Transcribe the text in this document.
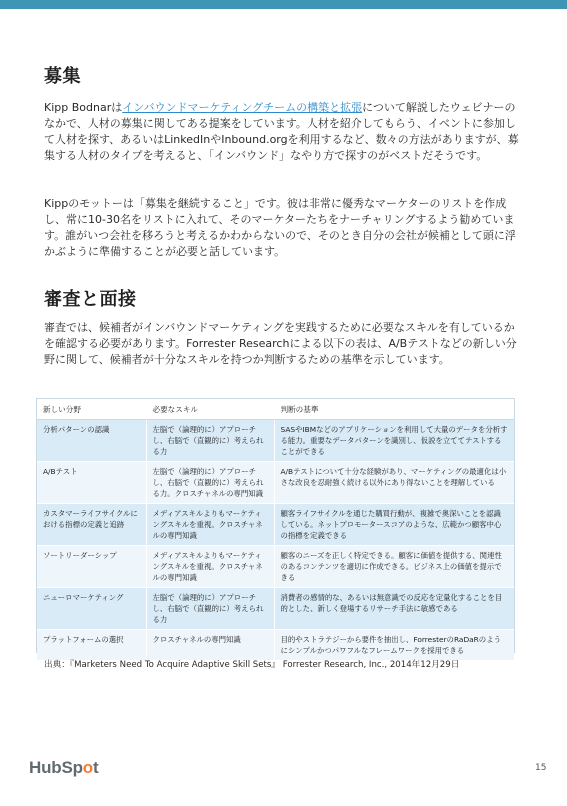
募集

Kipp Bodnarはインバウンドマーケティングチームの構築と拡張について解説したウェビナーのなかで、人材の募集に関してある提案をしています。人材を紹介してもらう、イベントに参加して人材を探す、あるいはLinkedInやInbound.orgを利用するなど、数々の方法がありますが、募集する人材のタイプを考えると、「インバウンド」なやり方で探すのがベストだそうです。

Kippのモットーは「募集を継続すること」です。彼は非常に優秀なマーケターのリストを作成し、常に10-30名をリストに入れて、そのマーケターたちをナーチャリングするよう勧めています。誰がいつ会社を移ろうと考えるかわからないので、そのとき自分の会社が候補として頭に浮かぶように準備することが必要と話しています。

審査と面接

審査では、候補者がインバウンドマーケティングを実践するために必要なスキルを有しているかを確認する必要があります。Forrester Researchによる以下の表は、A/Bテストなどの新しい分野に関して、候補者が十分なスキルを持つか判断するための基準を示しています。

新しい分野	必要なスキル	判断の基準
分析パターンの認識	左脳で（論理的に）アプローチし、右脳で（直観的に）考えられる力	SASやIBMなどのアプリケーションを利用して大量のデータを分析する能力。重要なデータパターンを識別し、仮説を立ててテストすることができる
A/Bテスト	左脳で（論理的に）アプローチし、右脳で（直観的に）考えられる力。クロスチャネルの専門知識	A/Bテストについて十分な経験があり、マーケティングの最適化は小さな改良を忍耐強く続ける以外にあり得ないことを理解している
カスタマーライフサイクルにおける指標の定義と追跡	メディアスキルよりもマーケティングスキルを重視。クロスチャネルの専門知識	顧客ライフサイクルを通じた購買行動が、複雑で奥深いことを認識している。ネットプロモータースコアのような、広範かつ顧客中心の指標を定義できる
ソートリーダーシップ	メディアスキルよりもマーケティングスキルを重視。クロスチャネルの専門知識	顧客のニーズを正しく特定できる。顧客に価値を提供する、関連性のあるコンテンツを適切に作成できる。ビジネス上の価値を提示できる
ニューロマーケティング	左脳で（論理的に）アプローチし、右脳で（直観的に）考えられる力	消費者の感情的な、あるいは無意識での反応を定量化することを目的とした、新しく登場するリサーチ手法に敏感である
プラットフォームの選択	クロスチャネルの専門知識	目的やストラテジーから要件を抽出し、ForresterのRaDaRのようにシンプルかつパワフルなフレームワークを採用できる

出典：『Marketers Need To Acquire Adaptive Skill Sets』 Forrester Research, Inc., 2014年12月29日

HubSpot	15
